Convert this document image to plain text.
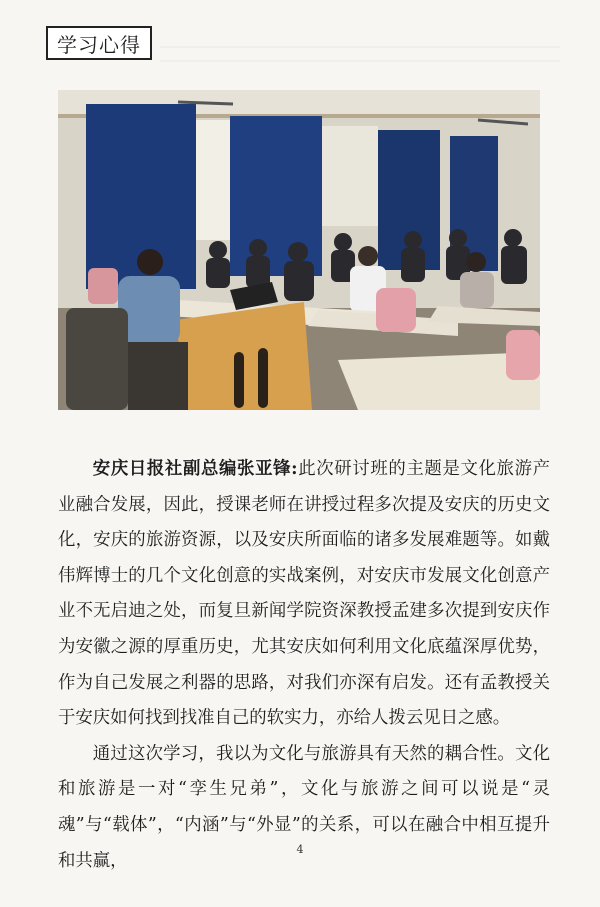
学习心得

安庆日报社副总编张亚锋:此次研讨班的主题是文化旅游产业融合发展，因此，授课老师在讲授过程多次提及安庆的历史文化，安庆的旅游资源，以及安庆所面临的诸多发展难题等。如戴伟辉博士的几个文化创意的实战案例，对安庆市发展文化创意产业不无启迪之处，而复旦新闻学院资深教授孟建多次提到安庆作为安徽之源的厚重历史，尤其安庆如何利用文化底蕴深厚优势，作为自己发展之利器的思路，对我们亦深有启发。还有孟教授关于安庆如何找到找准自己的软实力，亦给人拨云见日之感。

通过这次学习，我以为文化与旅游具有天然的耦合性。文化和旅游是一对“孪生兄弟”，文化与旅游之间可以说是“灵魂”与“载体”，“内涵”与“外显”的关系，可以在融合中相互提升和共赢，

4
